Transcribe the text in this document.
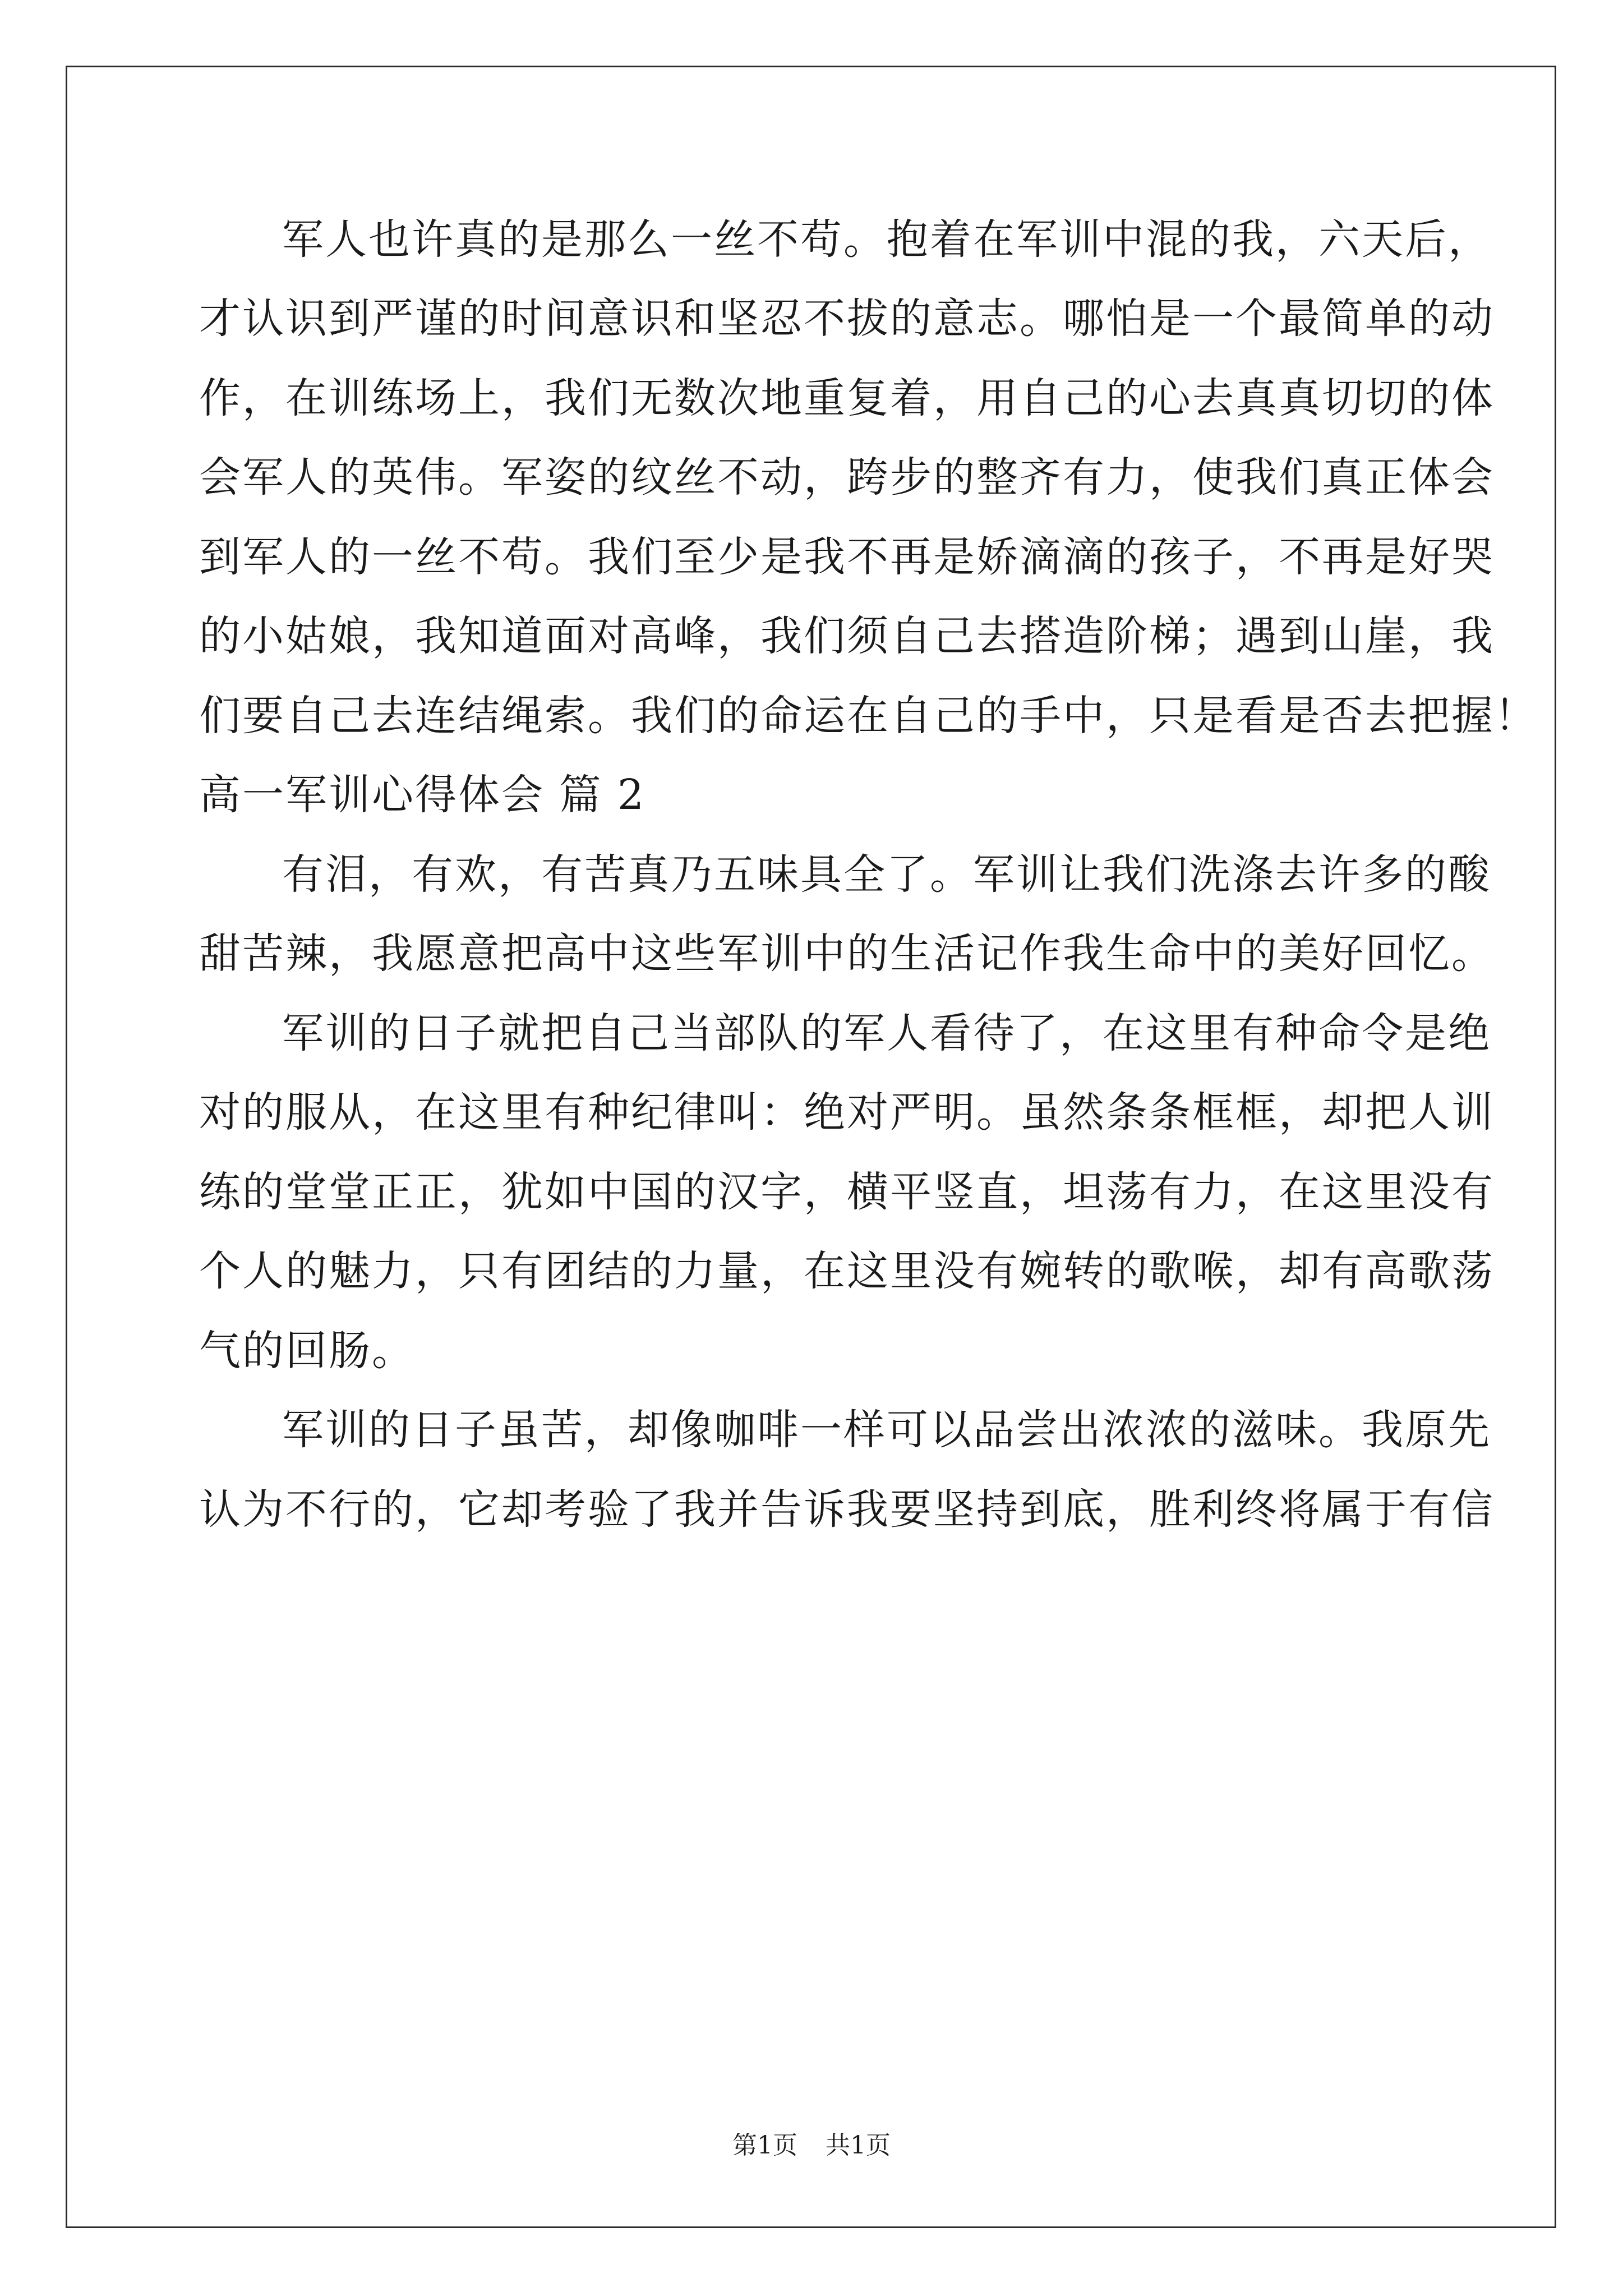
军人也许真的是那么一丝不苟。抱着在军训中混的我，六天后，
才认识到严谨的时间意识和坚忍不拔的意志。哪怕是一个最简单的动
作，在训练场上，我们无数次地重复着，用自己的心去真真切切的体
会军人的英伟。军姿的纹丝不动，跨步的整齐有力，使我们真正体会
到军人的一丝不苟。我们至少是我不再是娇滴滴的孩子，不再是好哭
的小姑娘，我知道面对高峰，我们须自己去搭造阶梯；遇到山崖，我
们要自己去连结绳索。我们的命运在自己的手中，只是看是否去把握！
高一军训心得体会 篇 2
有泪，有欢，有苦真乃五味具全了。军训让我们洗涤去许多的酸
甜苦辣，我愿意把高中这些军训中的生活记作我生命中的美好回忆。
军训的日子就把自己当部队的军人看待了，在这里有种命令是绝
对的服从，在这里有种纪律叫：绝对严明。虽然条条框框，却把人训
练的堂堂正正，犹如中国的汉字，横平竖直，坦荡有力，在这里没有
个人的魅力，只有团结的力量，在这里没有婉转的歌喉，却有高歌荡
气的回肠。
军训的日子虽苦，却像咖啡一样可以品尝出浓浓的滋味。我原先
认为不行的，它却考验了我并告诉我要坚持到底，胜利终将属于有信
第1页 共1页
